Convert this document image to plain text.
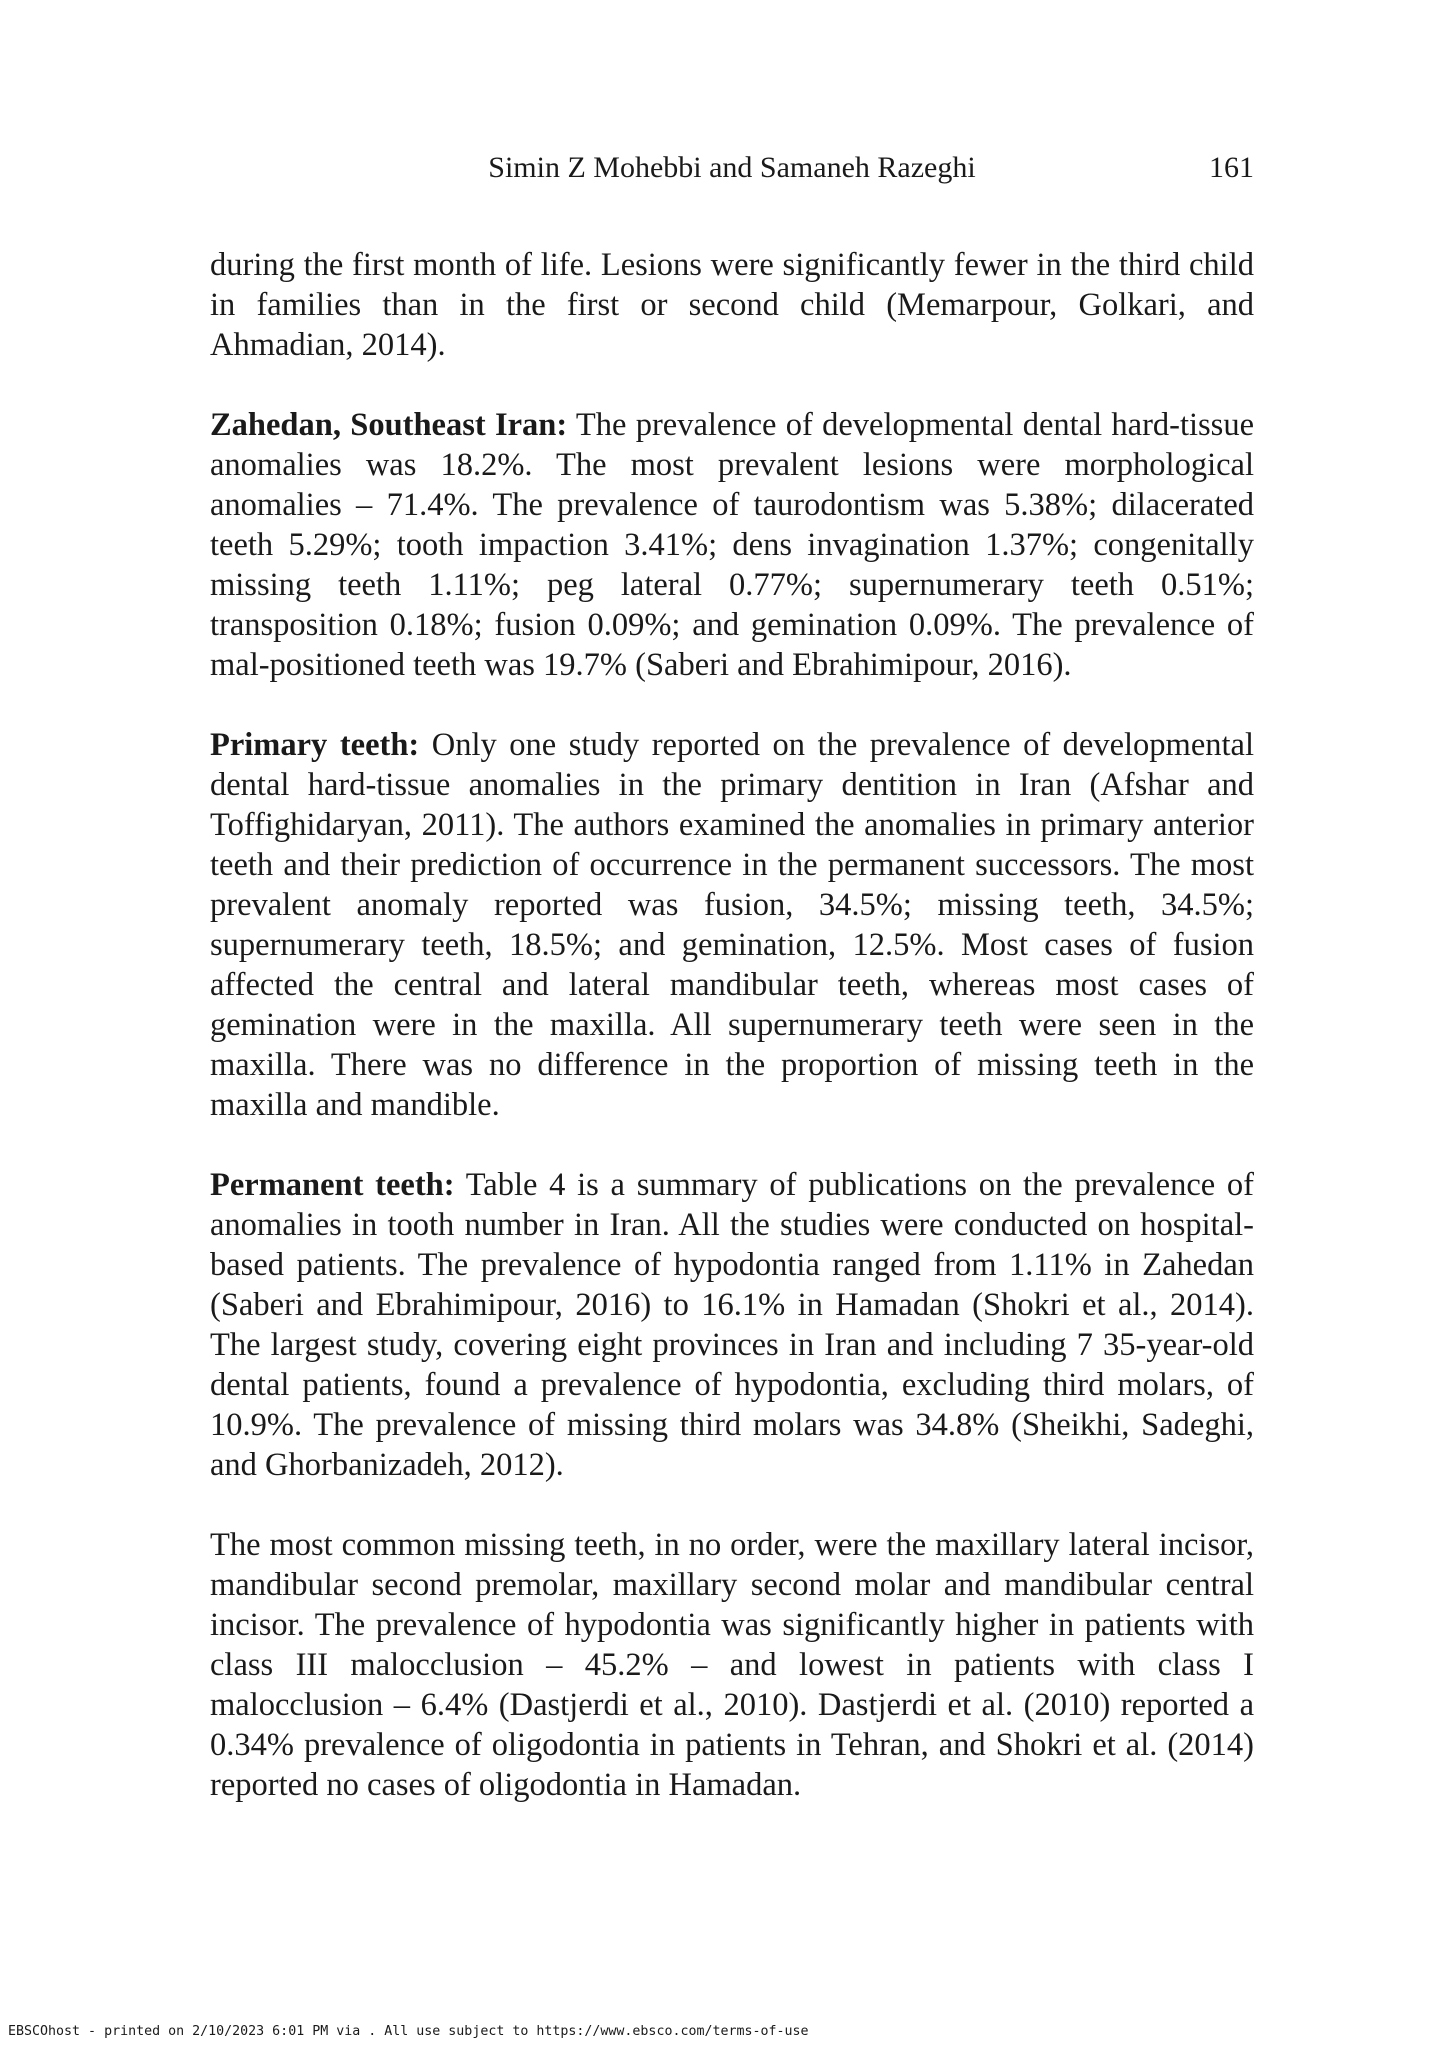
Simin Z Mohebbi and Samaneh Razeghi	161

during the first month of life. Lesions were significantly fewer in the third child in families than in the first or second child (Memarpour, Golkari, and Ahmadian, 2014).

Zahedan, Southeast Iran: The prevalence of developmental dental hard-tissue anomalies was 18.2%. The most prevalent lesions were morphological anomalies – 71.4%. The prevalence of taurodontism was 5.38%; dilacerated teeth 5.29%; tooth impaction 3.41%; dens invagination 1.37%; congenitally missing teeth 1.11%; peg lateral 0.77%; supernumerary teeth 0.51%; transposition 0.18%; fusion 0.09%; and gemination 0.09%. The prevalence of mal-positioned teeth was 19.7% (Saberi and Ebrahimipour, 2016).

Primary teeth: Only one study reported on the prevalence of developmental dental hard-tissue anomalies in the primary dentition in Iran (Afshar and Toffighidaryan, 2011). The authors examined the anomalies in primary anterior teeth and their prediction of occurrence in the permanent successors. The most prevalent anomaly reported was fusion, 34.5%; missing teeth, 34.5%; supernumerary teeth, 18.5%; and gemination, 12.5%. Most cases of fusion affected the central and lateral mandibular teeth, whereas most cases of gemination were in the maxilla. All supernumerary teeth were seen in the maxilla. There was no difference in the proportion of missing teeth in the maxilla and mandible.

Permanent teeth: Table 4 is a summary of publications on the prevalence of anomalies in tooth number in Iran. All the studies were conducted on hospital-based patients. The prevalence of hypodontia ranged from 1.11% in Zahedan (Saberi and Ebrahimipour, 2016) to 16.1% in Hamadan (Shokri et al., 2014). The largest study, covering eight provinces in Iran and including 7 35-year-old dental patients, found a prevalence of hypodontia, excluding third molars, of 10.9%. The prevalence of missing third molars was 34.8% (Sheikhi, Sadeghi, and Ghorbanizadeh, 2012).

The most common missing teeth, in no order, were the maxillary lateral incisor, mandibular second premolar, maxillary second molar and mandibular central incisor. The prevalence of hypodontia was significantly higher in patients with class III malocclusion – 45.2% – and lowest in patients with class I malocclusion – 6.4% (Dastjerdi et al., 2010). Dastjerdi et al. (2010) reported a 0.34% prevalence of oligodontia in patients in Tehran, and Shokri et al. (2014) reported no cases of oligodontia in Hamadan.

EBSCOhost - printed on 2/10/2023 6:01 PM via . All use subject to https://www.ebsco.com/terms-of-use
